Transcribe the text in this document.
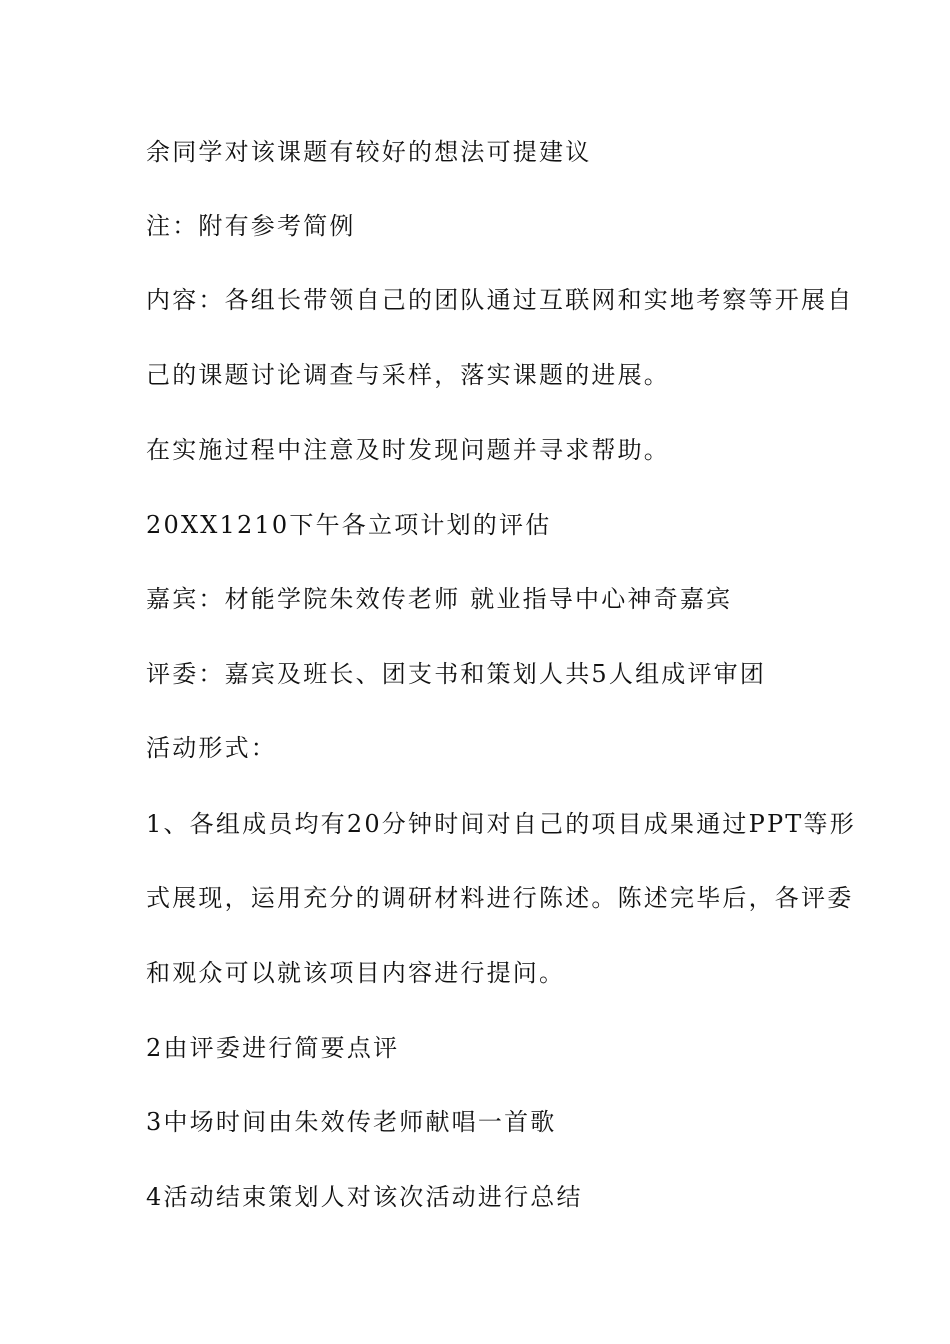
余同学对该课题有较好的想法可提建议
注：附有参考简例
内容：各组长带领自己的团队通过互联网和实地考察等开展自
己的课题讨论调查与采样，落实课题的进展。
在实施过程中注意及时发现问题并寻求帮助。
20XX1210下午各立项计划的评估
嘉宾：材能学院朱效传老师 就业指导中心神奇嘉宾
评委：嘉宾及班长、团支书和策划人共5人组成评审团
活动形式：
1、各组成员均有20分钟时间对自己的项目成果通过PPT等形
式展现，运用充分的调研材料进行陈述。陈述完毕后，各评委
和观众可以就该项目内容进行提问。
2由评委进行简要点评
3中场时间由朱效传老师献唱一首歌
4活动结束策划人对该次活动进行总结
